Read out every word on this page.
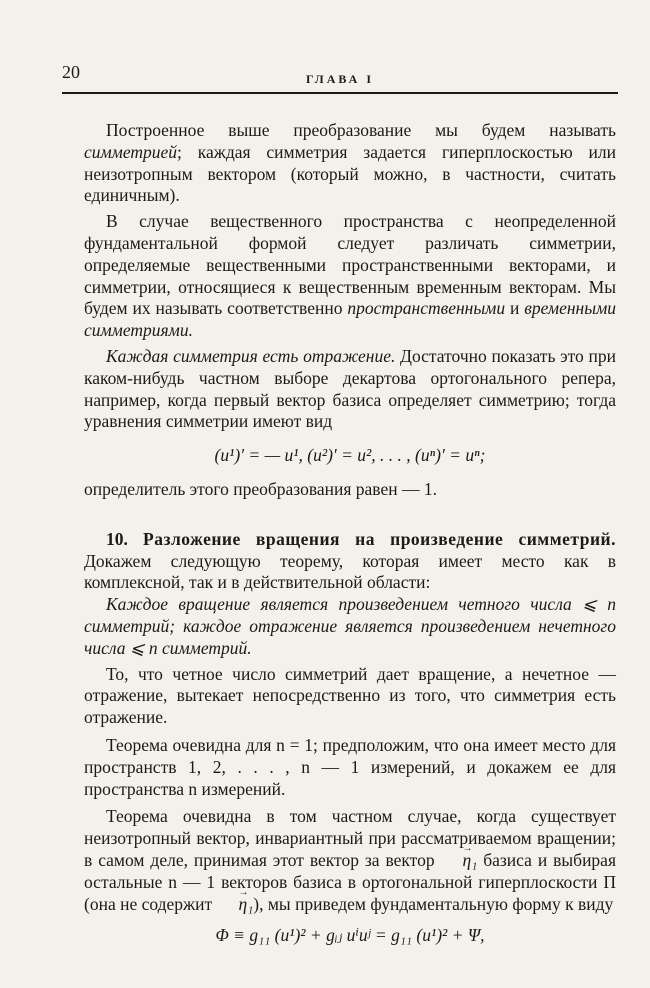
20	ГЛАВА I

Построенное выше преобразование мы будем называть симметрией; каждая симметрия задается гиперплоскостью или неизотропным вектором (который можно, в частности, считать единичным).

В случае вещественного пространства с неопределенной фундаментальной формой следует различать симметрии, определяемые вещественными пространственными векторами, и симметрии, относящиеся к вещественным временным векторам. Мы будем их называть соответственно пространственными и временными симметриями.

Каждая симметрия есть отражение. Достаточно показать это при каком-нибудь частном выборе декартова ортогонального репера, например, когда первый вектор базиса определяет симметрию; тогда уравнения симметрии имеют вид

(u¹)′ = — u¹, (u²)′ = u², . . . , (uⁿ)′ = uⁿ;

определитель этого преобразования равен — 1.

10. Разложение вращения на произведение симметрий. Докажем следующую теорему, которая имеет место как в комплексной, так и в действительной области:

Каждое вращение является произведением четного числа ⩽ n симметрий; каждое отражение является произведением нечетного числа ⩽ n симметрий.

То, что четное число симметрий дает вращение, а нечетное — отражение, вытекает непосредственно из того, что симметрия есть отражение.

Теорема очевидна для n = 1; предположим, что она имеет место для пространств 1, 2, . . . , n — 1 измерений, и докажем ее для пространства n измерений.

Теорема очевидна в том частном случае, когда существует неизотропный вектор, инвариантный при рассматриваемом вращении; в самом деле, принимая этот вектор за вектор → η₁ базиса и выбирая остальные n — 1 векторов базиса в ортогональной гиперплоскости Π (она не содержит → η₁), мы приведем фундаментальную форму к виду

Φ ≡ g₁₁ (u¹)² + gᵢⱼ uⁱuʲ = g₁₁ (u¹)² + Ψ,
